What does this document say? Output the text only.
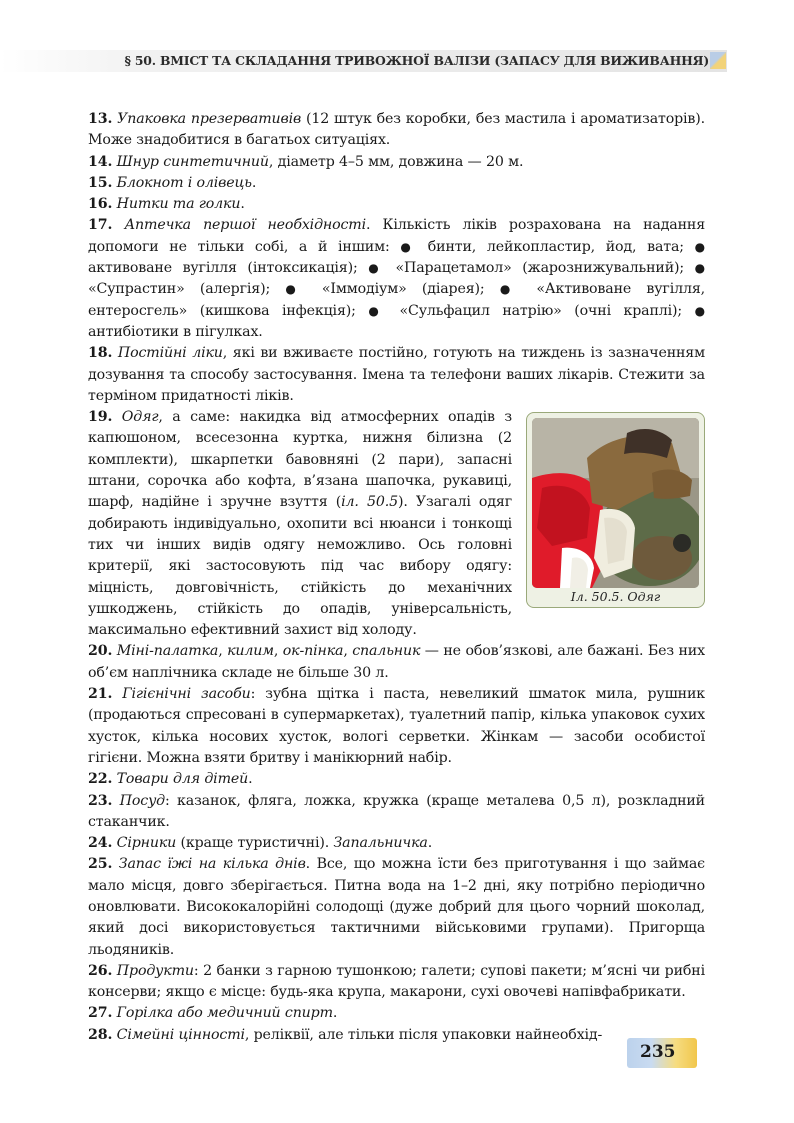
§ 50. ВМІСТ ТА СКЛАДАННЯ ТРИВОЖНОЇ ВАЛІЗИ (ЗАПАСУ ДЛЯ ВИЖИВАННЯ)

13. Упаковка презервативів (12 штук без коробки, без мастила і ароматизаторів). Може знадобитися в багатьох ситуаціях.

14. Шнур синтетичний, діаметр 4–5 мм, довжина — 20 м.

15. Блокнот і олівець.

16. Нитки та голки.

17. Аптечка першої необхідності. Кількість ліків розрахована на надання допомоги не тільки собі, а й іншим: ● бинти, лейкопластир, йод, вата; ● активоване вугілля (інтоксикація); ● «Парацетамол» (жарознижувальний); ● «Супрастин» (алергія); ● «Іммодіум» (діарея); ● «Активоване вугілля, ентеросгель» (кишкова інфекція); ● «Сульфацил натрію» (очні краплі); ● антибіотики в пігулках.

18. Постійні ліки, які ви вживаєте постійно, готують на тиждень із зазначенням дозування та способу застосування. Імена та телефони ваших лікарів. Стежити за терміном придатності ліків.

Іл. 50.5. Одяг

19. Одяг, а саме: накидка від атмосферних опадів з капюшоном, всесезонна куртка, нижня білизна (2 комплекти), шкарпетки бавовняні (2 пари), запасні штани, сорочка або кофта, в’язана шапочка, рукавиці, шарф, надійне і зручне взуття (іл. 50.5). Узагалі одяг добирають індивідуально, охопити всі нюанси і тонкощі тих чи інших видів одягу неможливо. Ось головні критерії, які застосовують під час вибору одягу: міцність, довговічність, стійкість до механічних ушкоджень, стійкість до опадів, універсальність, максимально ефективний захист від холоду.

20. Міні-палатка, килим, ок-пінка, спальник — не обов’язкові, але бажані. Без них об’єм наплічника складе не більше 30 л.

21. Гігієнічні засоби: зубна щітка і паста, невеликий шматок мила, рушник (продаються спресовані в супермаркетах), туалетний папір, кілька упаковок сухих хусток, кілька носових хусток, вологі серветки. Жінкам — засоби особистої гігієни. Можна взяти бритву і манікюрний набір.

22. Товари для дітей.

23. Посуд: казанок, фляга, ложка, кружка (краще металева 0,5 л), розкладний стаканчик.

24. Сірники (краще туристичні). Запальничка.

25. Запас їжі на кілька днів. Все, що можна їсти без приготування і що займає мало місця, довго зберігається. Питна вода на 1–2 дні, яку потрібно періодично оновлювати. Висококалорійні солодощі (дуже добрий для цього чорний шоколад, який досі використовується тактичними військовими групами). Пригорща льодяників.

26. Продукти: 2 банки з гарною тушонкою; галети; супові пакети; м’ясні чи рибні консерви; якщо є місце: будь-яка крупа, макарони, сухі овочеві напівфабрикати.

27. Горілка або медичний спирт.

28. Сімейні цінності, реліквії, але тільки після упаковки найнеобхід-

235
